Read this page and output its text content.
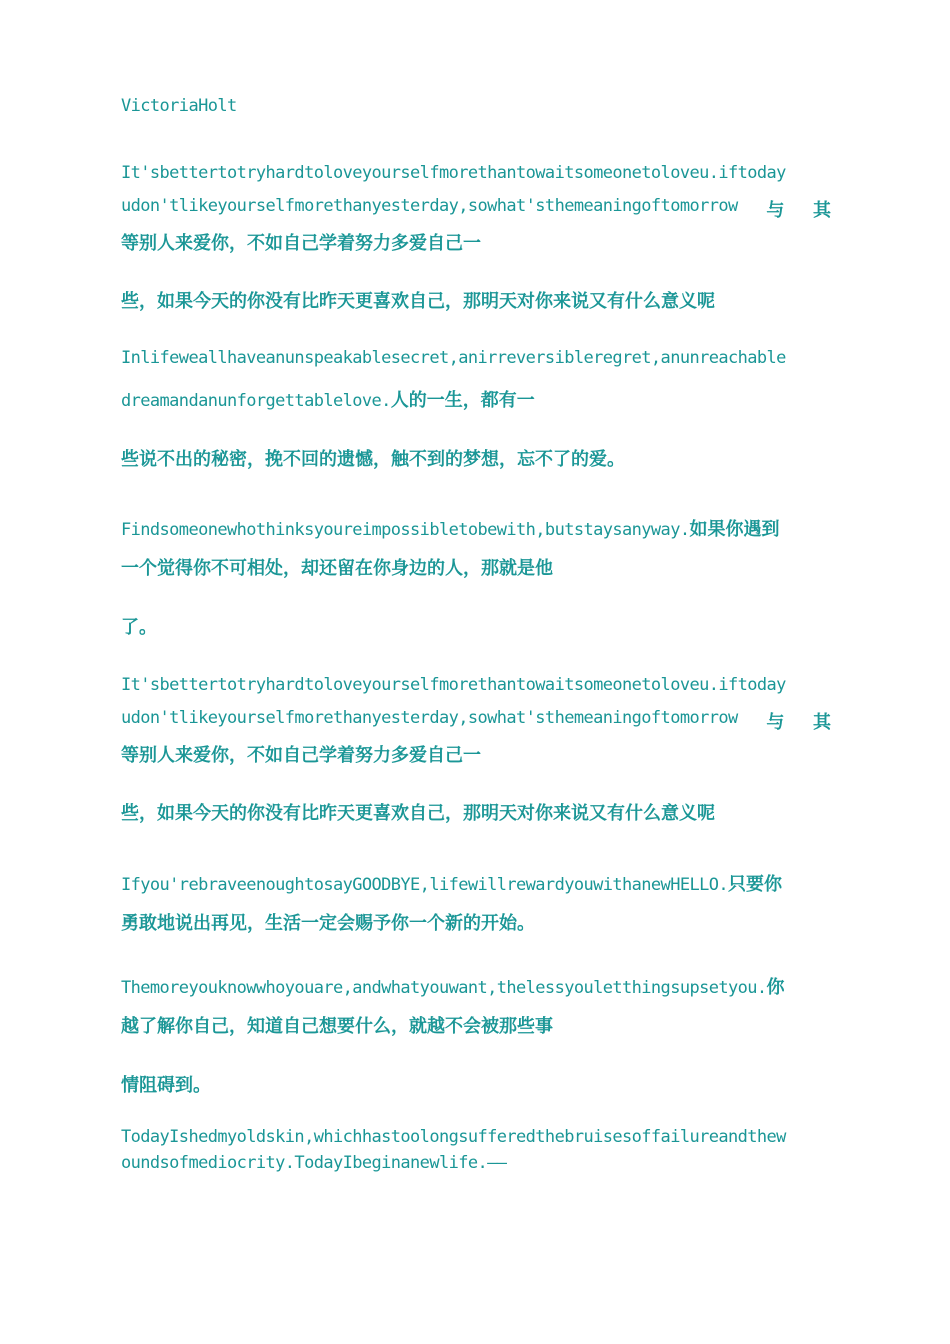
VictoriaHolt
It'sbettertotryhardtoloveyourselfmorethantowaitsomeonetoloveu.iftoday
udon'tlikeyourselfmorethanyesterday,sowhat'sthemeaningoftomorrow 与 其
等别人来爱你，不如自己学着努力多爱自己一
些，如果今天的你没有比昨天更喜欢自己，那明天对你来说又有什么意义呢
Inlifeweallhaveanunspeakablesecret,anirreversibleregret,anunreachable
dreamandanunforgettablelove.人的一生，都有一
些说不出的秘密，挽不回的遗憾，触不到的梦想，忘不了的爱。
Findsomeonewhothinksyoureimpossibletobewith,butstaysanyway.如果你遇到
一个觉得你不可相处，却还留在你身边的人，那就是他
了。
It'sbettertotryhardtoloveyourselfmorethantowaitsomeonetoloveu.iftoday
udon'tlikeyourselfmorethanyesterday,sowhat'sthemeaningoftomorrow 与 其
等别人来爱你，不如自己学着努力多爱自己一
些，如果今天的你没有比昨天更喜欢自己，那明天对你来说又有什么意义呢
Ifyou'rebraveenoughtosayGOODBYE,lifewillrewardyouwithanewHELLO.只要你
勇敢地说出再见，生活一定会赐予你一个新的开始。
Themoreyouknowwhoyouare,andwhatyouwant,thelessyouletthingsupsetyou.你
越了解你自己，知道自己想要什么，就越不会被那些事
情阻碍到。
TodayIshedmyoldskin,whichhastoolongsufferedthebruisesoffailureandthew
oundsofmediocrity.TodayIbeginanewlife.——
